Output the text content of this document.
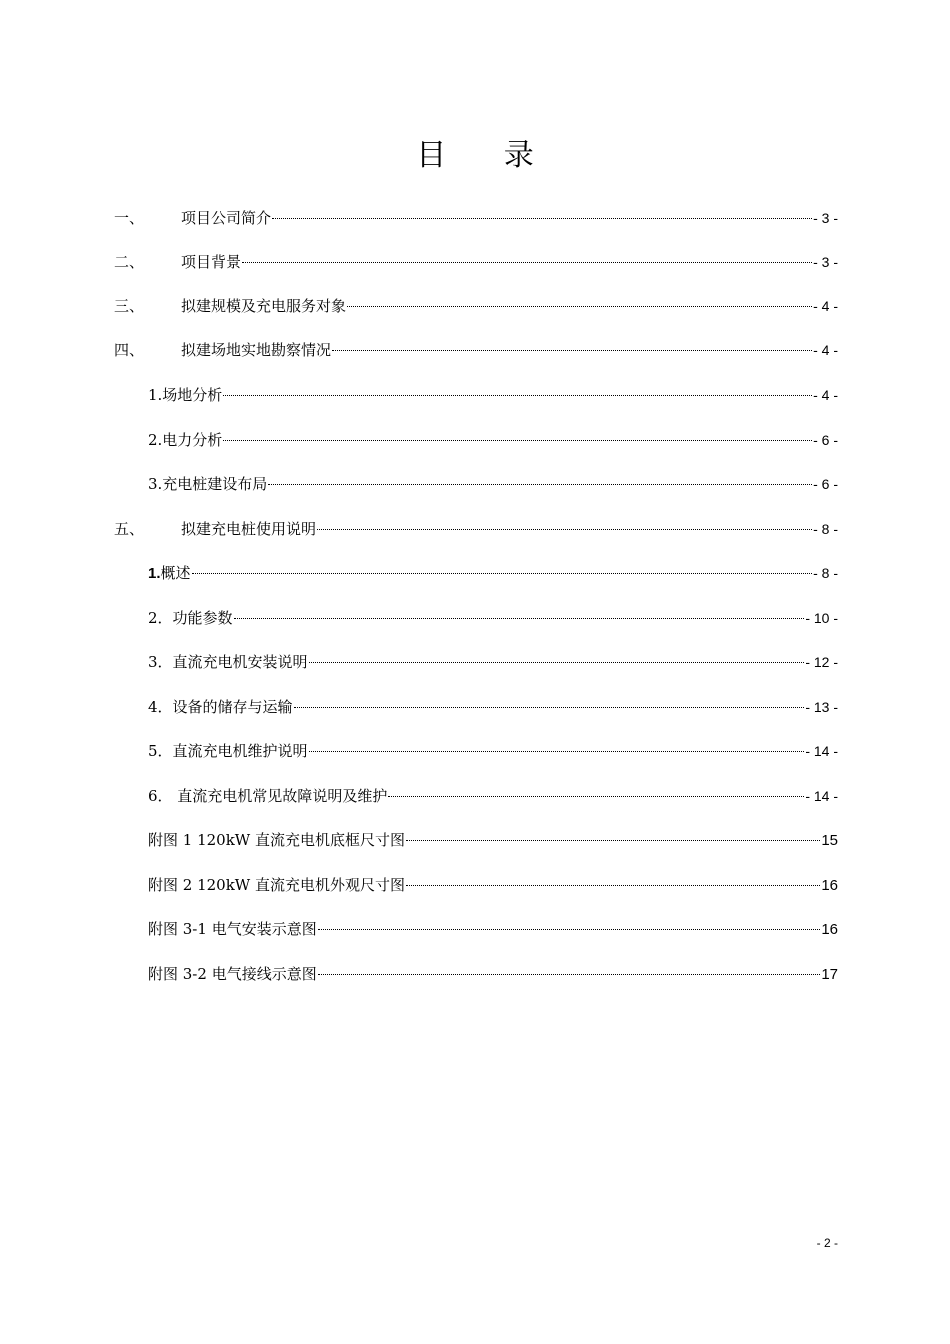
目 录
一、 项目公司简介	- 3 -
二、 项目背景	- 3 -
三、 拟建规模及充电服务对象	- 4 -
四、 拟建场地实地勘察情况	- 4 -
1.场地分析	- 4 -
2.电力分析	- 6 -
3.充电桩建设布局	- 6 -
五、 拟建充电桩使用说明	- 8 -
1.概述	- 8 -
2．功能参数	- 10 -
3．直流充电机安装说明	- 12 -
4．设备的储存与运输	- 13 -
5．直流充电机维护说明	- 14 -
6． 直流充电机常见故障说明及维护	- 14 -
附图 1 120kW 直流充电机底框尺寸图	15
附图 2 120kW 直流充电机外观尺寸图	16
附图 3-1 电气安装示意图	16
附图 3-2 电气接线示意图	17
- 2 -
